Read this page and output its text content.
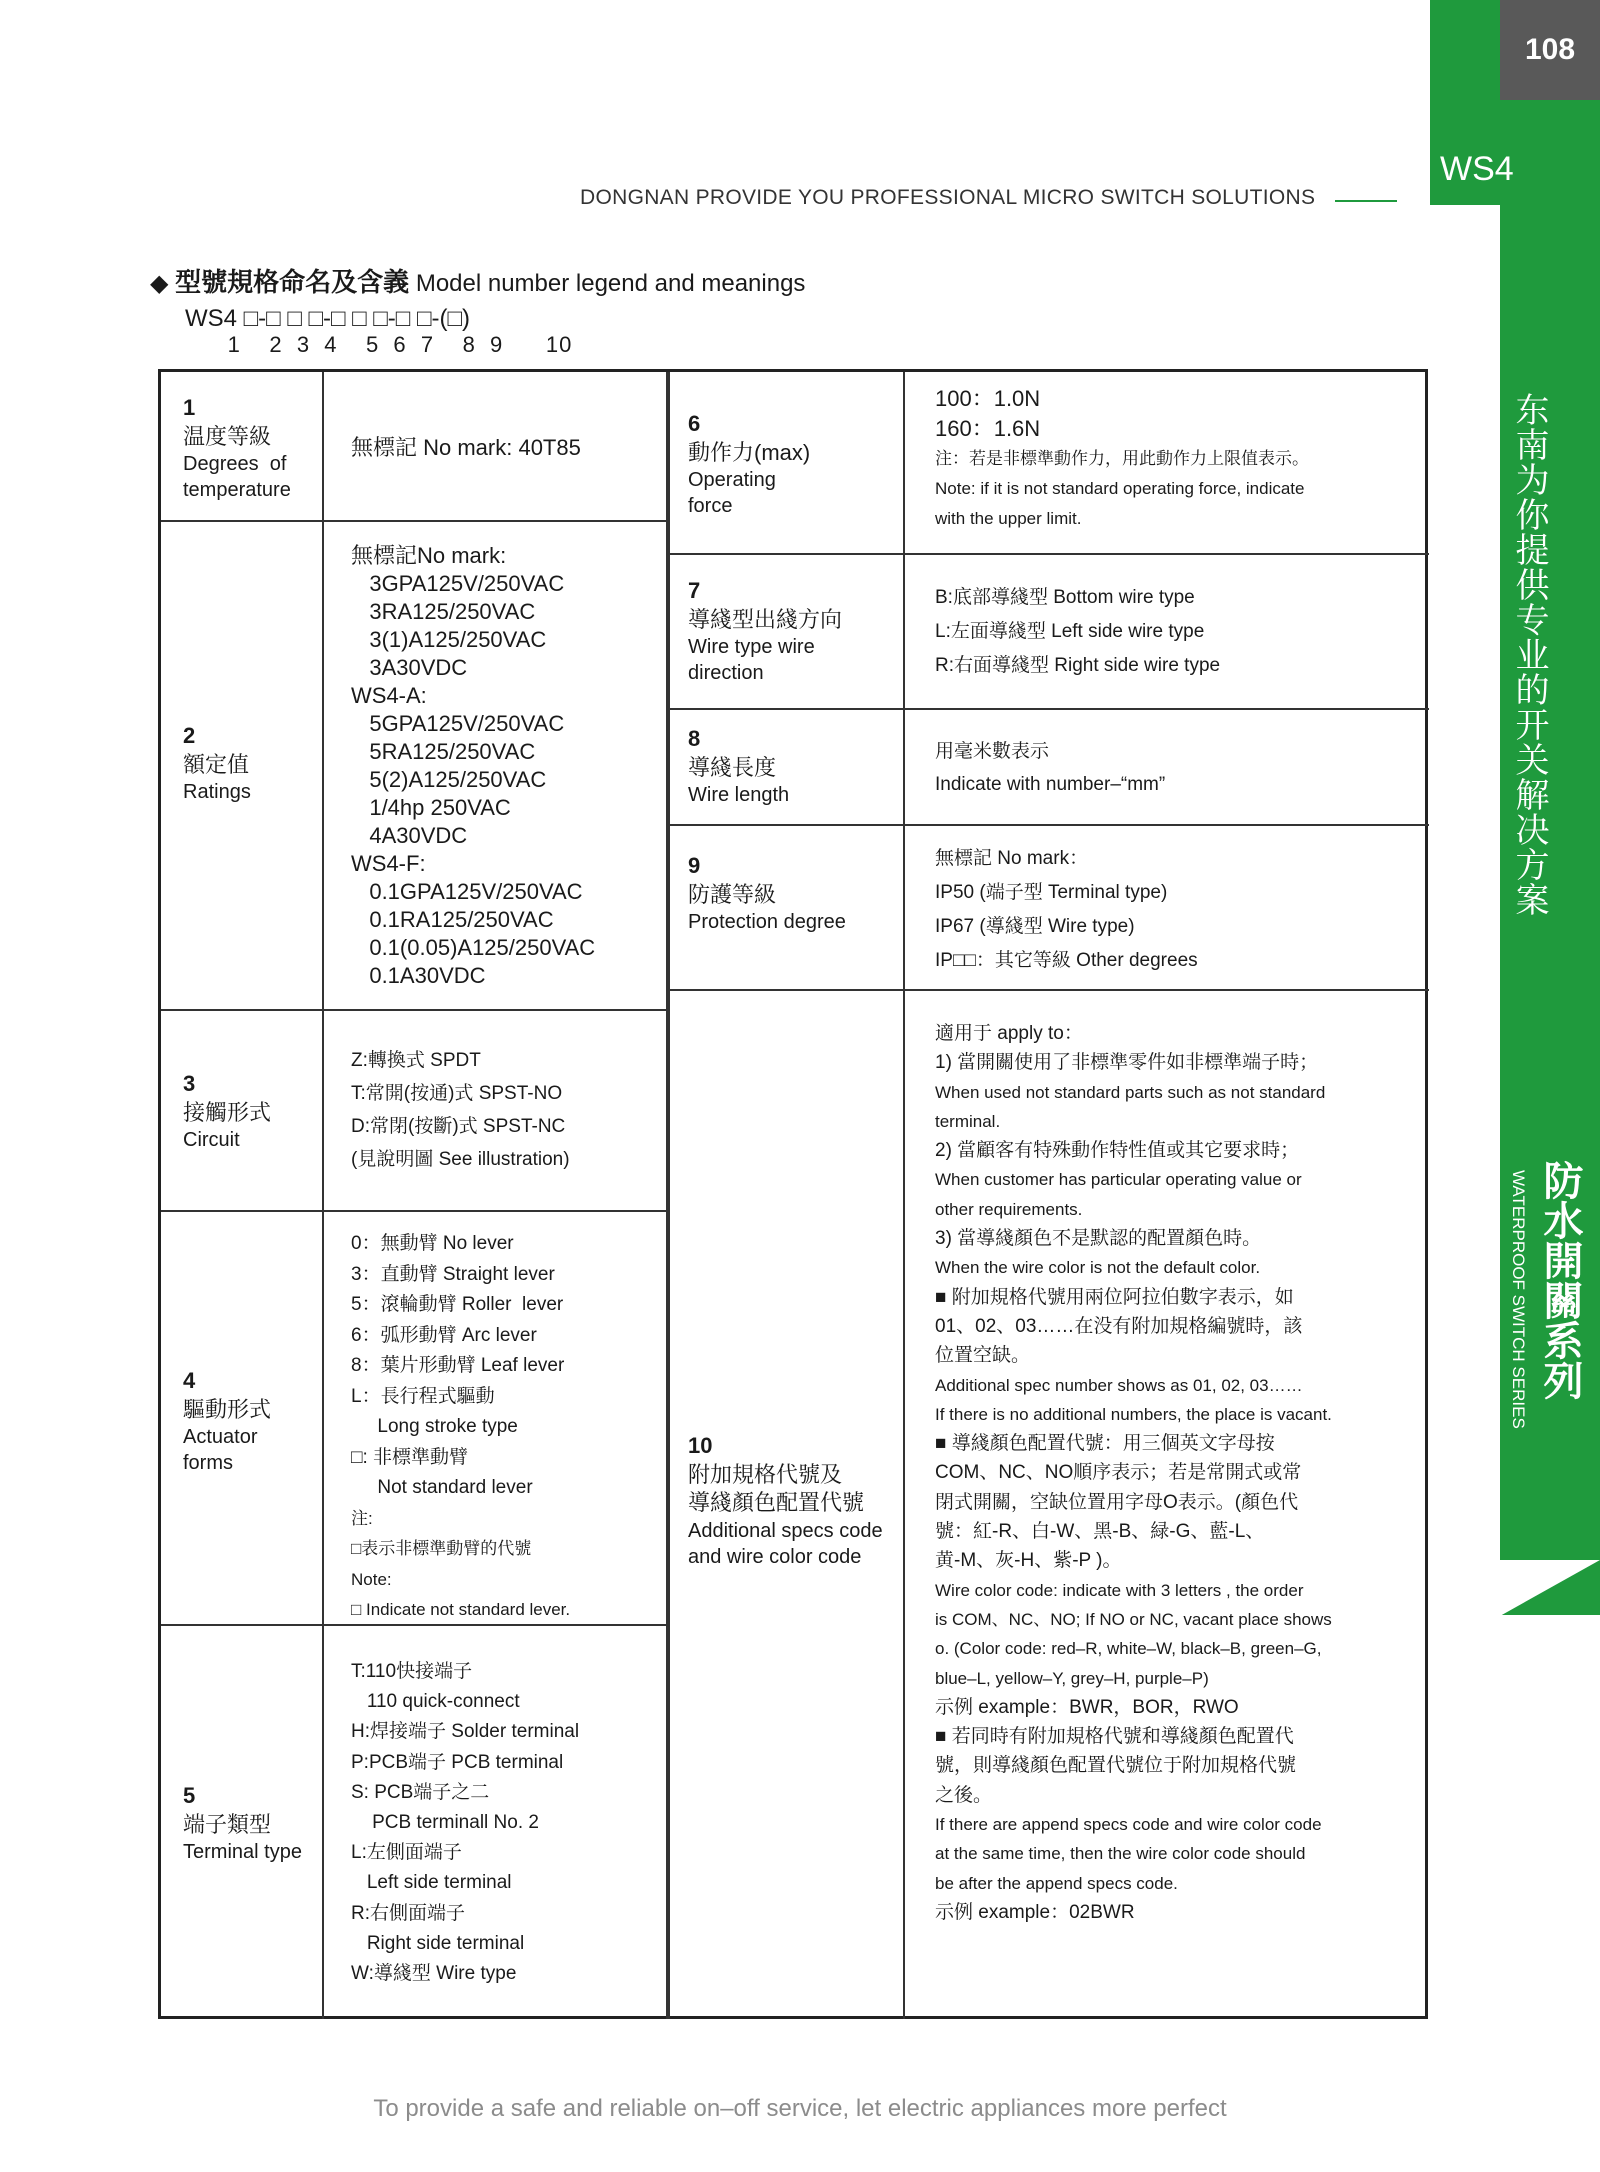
108
WS4
东南为你提供专业的开关解决方案
防水開關系列
WATERPROOF SWITCH SERIES
DONGNAN PROVIDE YOU PROFESSIONAL MICRO SWITCH SOLUTIONS
◆ 型號規格命名及含義 Model number legend and meanings
WS4 □-□ □ □-□ □ □-□ □-(□)
1    2  3  4    5  6  7    8  9      10
1
温度等級
Degrees  of
temperature
無標記 No mark: 40T85
2
額定值
Ratings
無標記No mark:
3GPA125V/250VAC
3RA125/250VAC
3(1)A125/250VAC
3A30VDC
WS4-A:
5GPA125V/250VAC
5RA125/250VAC
5(2)A125/250VAC
1/4hp 250VAC
4A30VDC
WS4-F:
0.1GPA125V/250VAC
0.1RA125/250VAC
0.1(0.05)A125/250VAC
0.1A30VDC
3
接觸形式
Circuit
Z:轉換式 SPDT
T:常開(按通)式 SPST-NO
D:常閉(按斷)式 SPST-NC
(見說明圖 See illustration)
4
驅動形式
Actuator
forms
0：無動臂 No lever
3：直動臂 Straight lever
5：滾輪動臂 Roller  lever
6：弧形動臂 Arc lever
8：葉片形動臂 Leaf lever
L：長行程式驅動
Long stroke type
□: 非標準動臂
Not standard lever
注:
□表示非標準動臂的代號
Note:
□ Indicate not standard lever.
5
端子類型
Terminal type
T:110快接端子
110 quick-connect
H:焊接端子 Solder terminal
P:PCB端子 PCB terminal
S: PCB端子之二
PCB terminall No. 2
L:左側面端子
Left side terminal
R:右側面端子
Right side terminal
W:導綫型 Wire type
6
動作力(max)
Operating
force
100：1.0N
160：1.6N
注：若是非標準動作力，用此動作力上限值表示。
Note: if it is not standard operating force, indicate
with the upper limit.
7
導綫型出綫方向
Wire type wire
direction
B:底部導綫型 Bottom wire type
L:左面導綫型 Left side wire type
R:右面導綫型 Right side wire type
8
導綫長度
Wire length
用毫米數表示
Indicate with number–“mm”
9
防護等級
Protection degree
無標記 No mark：
IP50 (端子型 Terminal type)
IP67 (導綫型 Wire type)
IP□□：其它等級 Other degrees
10
附加規格代號及
導綫顏色配置代號
Additional specs code
and wire color code
適用于 apply to：
1) 當開關使用了非標準零件如非標準端子時；
When used not standard parts such as not standard
terminal.
2) 當顧客有特殊動作特性值或其它要求時；
When customer has particular operating value or
other requirements.
3) 當導綫顏色不是默認的配置顏色時。
When the wire color is not the default color.
■ 附加規格代號用兩位阿拉伯數字表示，如
01、02、03……在没有附加規格編號時，該
位置空缺。
Additional spec number shows as 01, 02, 03……
If there is no additional numbers, the place is vacant.
■ 導綫顏色配置代號：用三個英文字母按
COM、NC、NO順序表示；若是常開式或常
閉式開關，空缺位置用字母O表示。(顏色代
號：紅-R、白-W、黑-B、緑-G、藍-L、
黄-M、灰-H、紫-P )。
Wire color code: indicate with 3 letters , the order
is COM、NC、NO; If NO or NC, vacant place shows
o. (Color code: red–R, white–W, black–B, green–G,
blue–L, yellow–Y, grey–H, purple–P)
示例 example：BWR，BOR，RWO
■ 若同時有附加規格代號和導綫顏色配置代
號，則導綫顏色配置代號位于附加規格代號
之後。
If there are append specs code and wire color code
at the same time, then the wire color code should
be after the append specs code.
示例 example：02BWR
To provide a safe and reliable on–off service, let electric appliances more perfect
